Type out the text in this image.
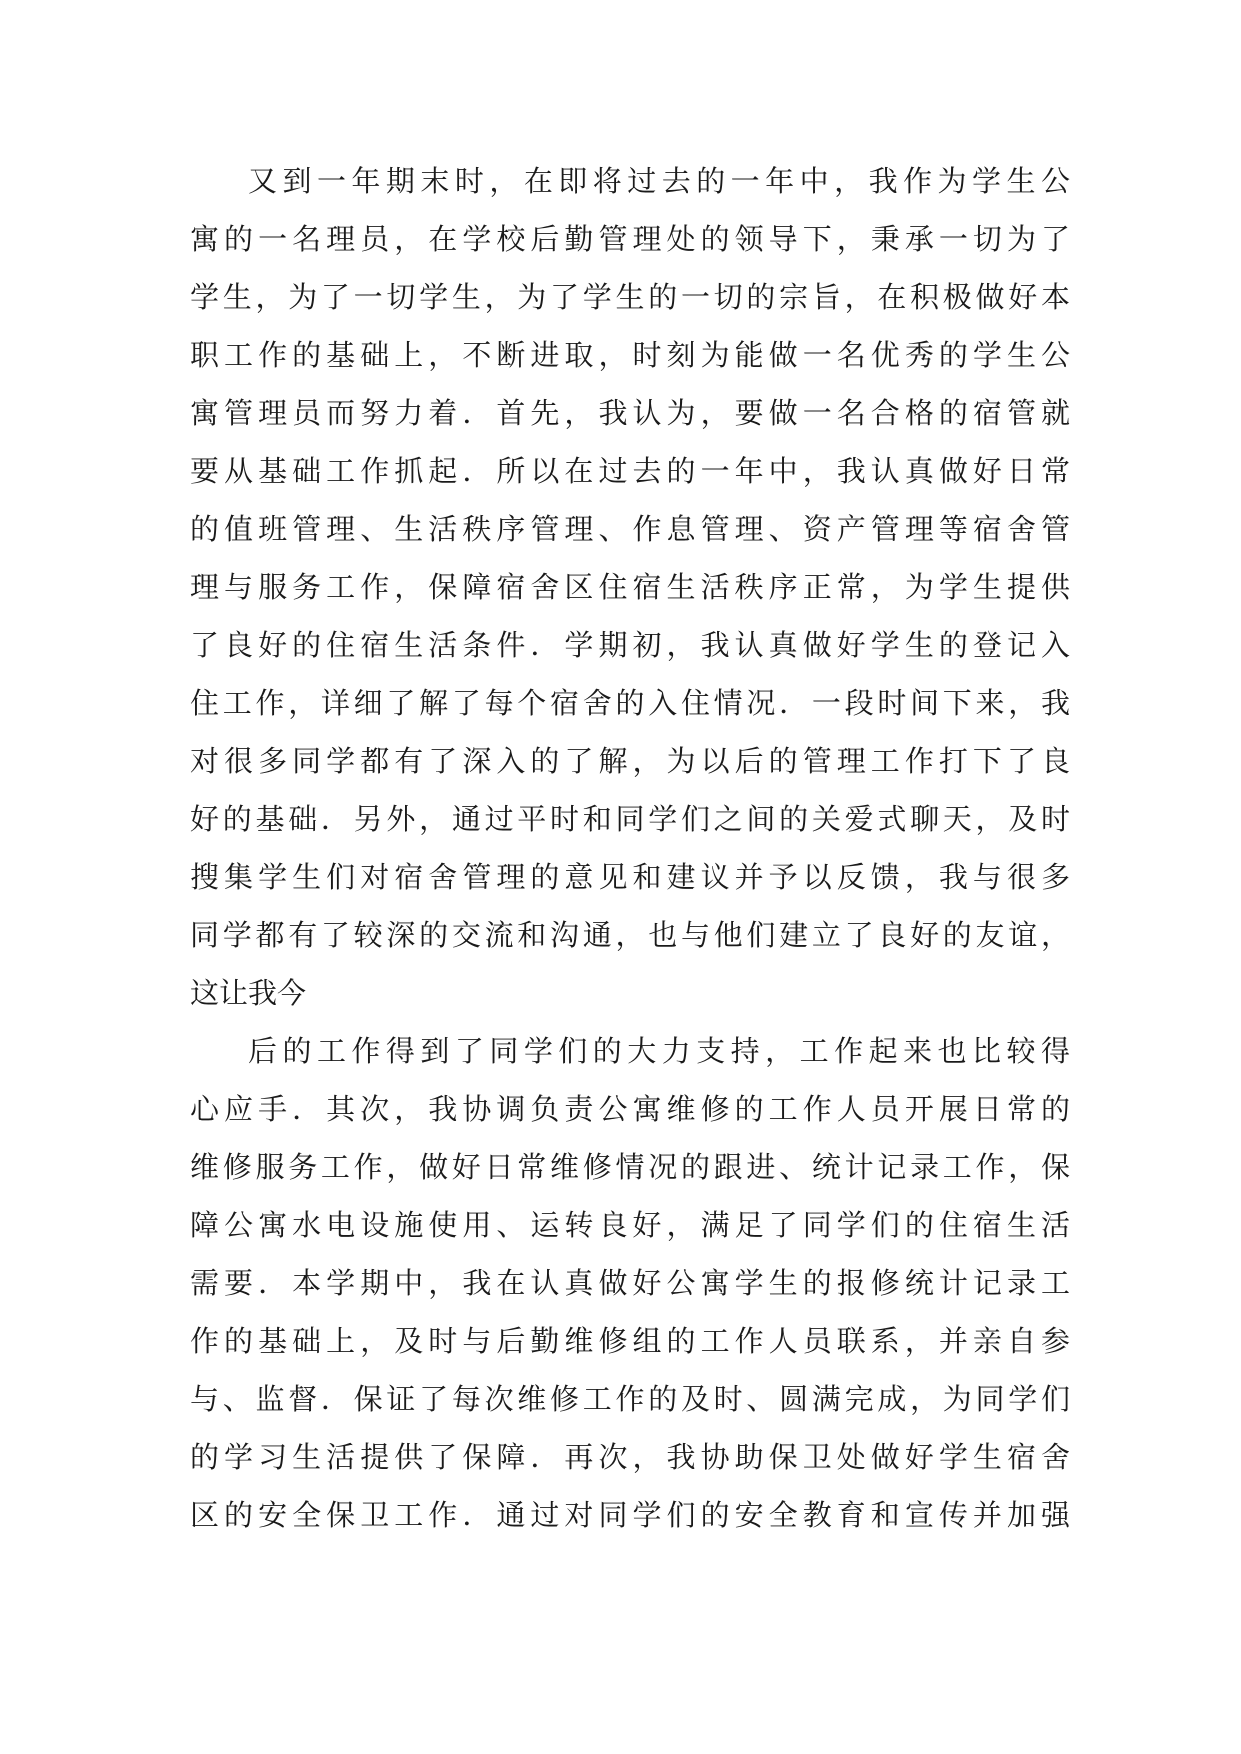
又到一年期末时，在即将过去的一年中，我作为学生公
寓的一名理员，在学校后勤管理处的领导下，秉承一切为了
学生，为了一切学生，为了学生的一切的宗旨，在积极做好本
职工作的基础上，不断进取，时刻为能做一名优秀的学生公
寓管理员而努力着．首先，我认为，要做一名合格的宿管就
要从基础工作抓起．所以在过去的一年中，我认真做好日常
的值班管理、生活秩序管理、作息管理、资产管理等宿舍管
理与服务工作，保障宿舍区住宿生活秩序正常，为学生提供
了良好的住宿生活条件．学期初，我认真做好学生的登记入
住工作，详细了解了每个宿舍的入住情况．一段时间下来，我
对很多同学都有了深入的了解，为以后的管理工作打下了良
好的基础．另外，通过平时和同学们之间的关爱式聊天，及时
搜集学生们对宿舍管理的意见和建议并予以反馈，我与很多
同学都有了较深的交流和沟通，也与他们建立了良好的友谊，
这让我今
后的工作得到了同学们的大力支持，工作起来也比较得
心应手．其次，我协调负责公寓维修的工作人员开展日常的
维修服务工作，做好日常维修情况的跟进、统计记录工作，保
障公寓水电设施使用、运转良好，满足了同学们的住宿生活
需要．本学期中，我在认真做好公寓学生的报修统计记录工
作的基础上，及时与后勤维修组的工作人员联系，并亲自参
与、监督．保证了每次维修工作的及时、圆满完成，为同学们
的学习生活提供了保障．再次，我协助保卫处做好学生宿舍
区的安全保卫工作．通过对同学们的安全教育和宣传并加强
